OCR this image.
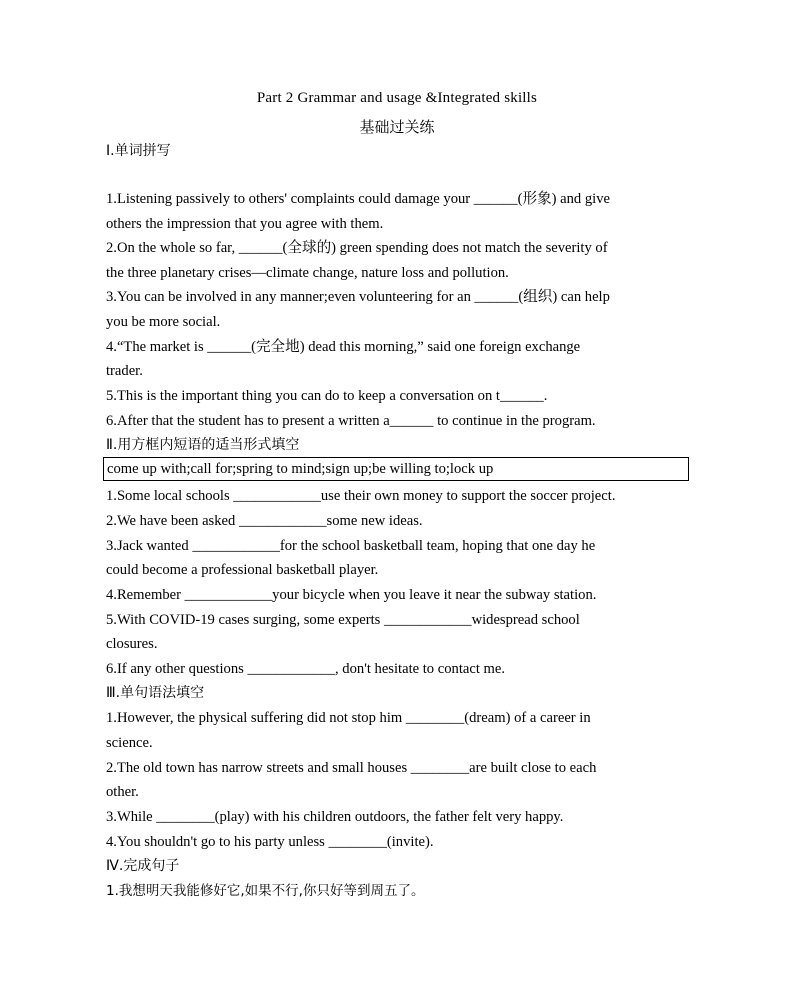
Part 2 Grammar and usage &Integrated skills
基础过关练
Ⅰ.单词拼写
1.Listening passively to others' complaints could damage your ______(形象) and give
others the impression that you agree with them.
2.On the whole so far, ______(全球的) green spending does not match the severity of
the three planetary crises—climate change, nature loss and pollution.
3.You can be involved in any manner;even volunteering for an ______(组织) can help
you be more social.
4.“The market is ______(完全地) dead this morning,” said one foreign exchange
trader.
5.This is the important thing you can do to keep a conversation on t______.
6.After that the student has to present a written a______ to continue in the program.
Ⅱ.用方框内短语的适当形式填空
come up with;call for;spring to mind;sign up;be willing to;lock up
1.Some local schools ____________use their own money to support the soccer project.
2.We have been asked ____________some new ideas.
3.Jack wanted ____________for the school basketball team, hoping that one day he
could become a professional basketball player.
4.Remember ____________your bicycle when you leave it near the subway station.
5.With COVID-19 cases surging, some experts ____________widespread school
closures.
6.If any other questions ____________, don't hesitate to contact me.
Ⅲ.单句语法填空
1.However, the physical suffering did not stop him ________(dream) of a career in
science.
2.The old town has narrow streets and small houses ________are built close to each
other.
3.While ________(play) with his children outdoors, the father felt very happy.
4.You shouldn't go to his party unless ________(invite).
Ⅳ.完成句子
1.我想明天我能修好它,如果不行,你只好等到周五了。
